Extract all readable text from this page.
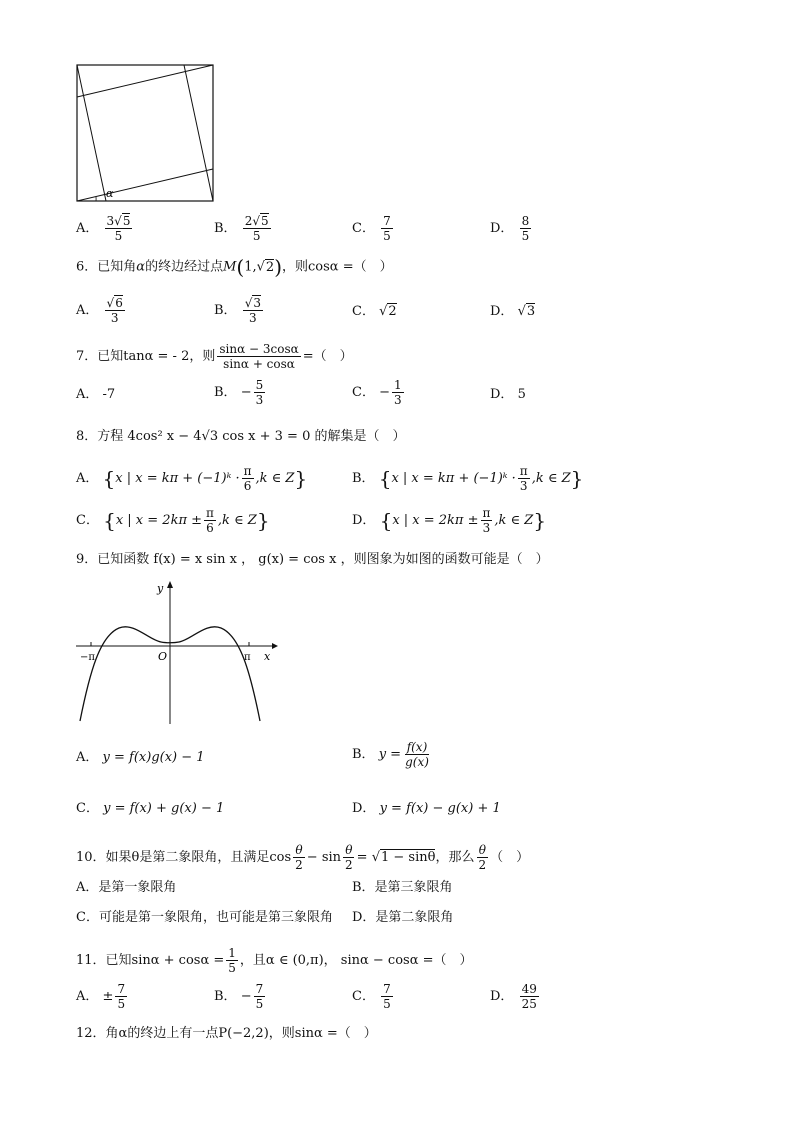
α
A． $\frac{3√5}{5}$	B． $\frac{2√5}{5}$	C． $\frac{7}{5}$	D． $\frac{8}{5}$
6．已知角α的终边经过点M(1,√2)，则cosα =（　）
A． $\frac{√6}{3}$	B． $\frac{√3}{3}$	C． √2	D． √3
7．已知tanα = - 2，则 $\frac{\sin\alpha - 3\cos\alpha}{\sin\alpha + \cos\alpha}$ =（　）
A． -7	B． − $\frac{5}{3}$	C． − $\frac{1}{3}$	D． 5
8．方程 4cos² x − 4√3 cos x + 3 = 0 的解集是（　）
A． {x | x = kπ + (−1)ᵏ · $\frac{\pi}{6} ,k$ ∈ Z}	B． {x | x = kπ + (−1)ᵏ · $\frac{\pi}{3} ,k$ ∈ Z}
C． {x | $x = 2k\pi \pm \frac{\pi}{6} ,k$ ∈ Z}	D． {x | $x = 2k\pi \pm \frac{\pi}{3} ,k$ ∈ Z}
9．已知函数 f(x) = x sin x ， g(x) = cos x ，则图象为如图的函数可能是（　）
y
x
O
−π	π
A． y = f(x)g(x) − 1	B． $y = \frac{f(x)}{g(x)}$
C． y = f(x) + g(x) − 1	D． y = f(x) − g(x) + 1
10．如果θ是第二象限角，且满足$\cos \frac{\theta}{2} - \sin \frac{\theta}{2} = √1 - \sin\theta$，那么 $\frac{\theta}{2}$ （　）
A．是第一象限角	B．是第三象限角
C．可能是第一象限角，也可能是第三象限角 D．是第二象限角
11．已知$\sin\alpha + \cos\alpha = \frac{1}{5}$ ，且α ∈ (0,π)， sinα − cosα =（　）
A． ± $\frac{7}{5}$	B． − $\frac{7}{5}$	C． $\frac{7}{5}$	D． $\frac{49}{25}$
12．角α的终边上有一点P(−2,2)，则sinα =（　）
